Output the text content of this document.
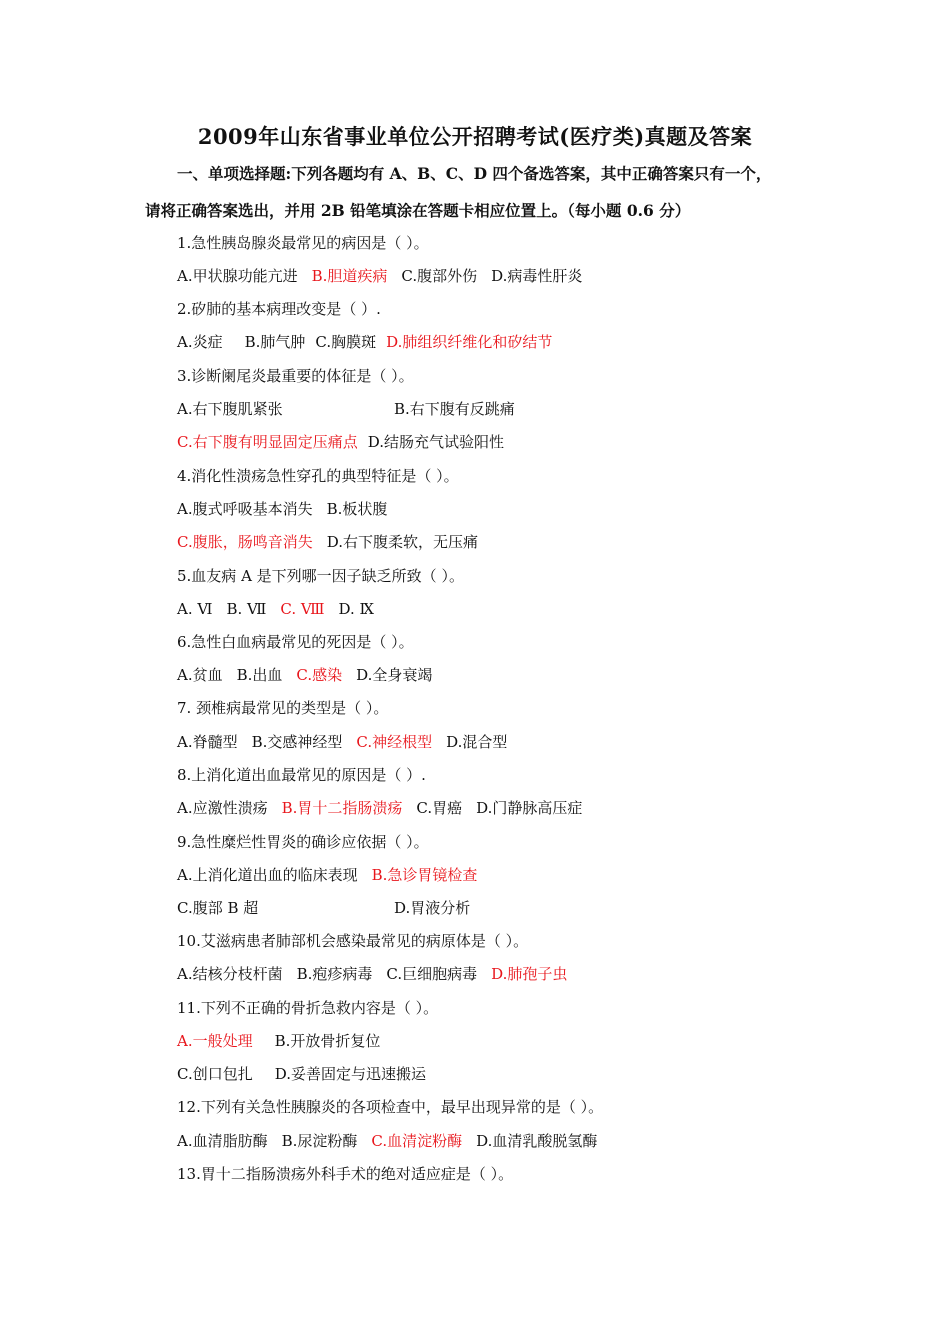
2009年山东省事业单位公开招聘考试(医疗类)真题及答案
一、单项选择题:下列各题均有 A、B、C、D 四个备选答案，其中正确答案只有一个，
请将正确答案选出，并用 2B 铅笔填涂在答题卡相应位置上。（每小题 0.6 分）
1.急性胰岛腺炎最常见的病因是（ ）。
A.甲状腺功能亢进 B.胆道疾病 C.腹部外伤 D.病毒性肝炎
2.矽肺的基本病理改变是（ ）.
A.炎症 B.肺气肿 C.胸膜斑 D.肺组织纤维化和矽结节
3.诊断阑尾炎最重要的体征是（ ）。
A.右下腹肌紧张	B.右下腹有反跳痛
C.右下腹有明显固定压痛点 D.结肠充气试验阳性
4.消化性溃疡急性穿孔的典型特征是（ ）。
A.腹式呼吸基本消失 B.板状腹
C.腹胀，肠鸣音消失 D.右下腹柔软，无压痛
5.血友病 A 是下列哪一因子缺乏所致（ ）。
A. Ⅵ B. Ⅶ C. Ⅷ D. Ⅸ
6.急性白血病最常见的死因是（ ）。
A.贫血 B.出血 C.感染 D.全身衰竭
7. 颈椎病最常见的类型是（ ）。
A.脊髓型 B.交感神经型 C.神经根型 D.混合型
8.上消化道出血最常见的原因是（ ）.
A.应激性溃疡 B.胃十二指肠溃疡 C.胃癌 D.门静脉高压症
9.急性糜烂性胃炎的确诊应依据（ ）。
A.上消化道出血的临床表现 B.急诊胃镜检查
C.腹部 B 超	D.胃液分析
10.艾滋病患者肺部机会感染最常见的病原体是（ ）。
A.结核分枝杆菌 B.疱疹病毒 C.巨细胞病毒 D.肺孢子虫
11.下列不正确的骨折急救内容是（ ）。
A.一般处理 B.开放骨折复位
C.创口包扎 D.妥善固定与迅速搬运
12.下列有关急性胰腺炎的各项检查中，最早出现异常的是（ ）。
A.血清脂肪酶 B.尿淀粉酶 C.血清淀粉酶 D.血清乳酸脱氢酶
13.胃十二指肠溃疡外科手术的绝对适应症是（ ）。
